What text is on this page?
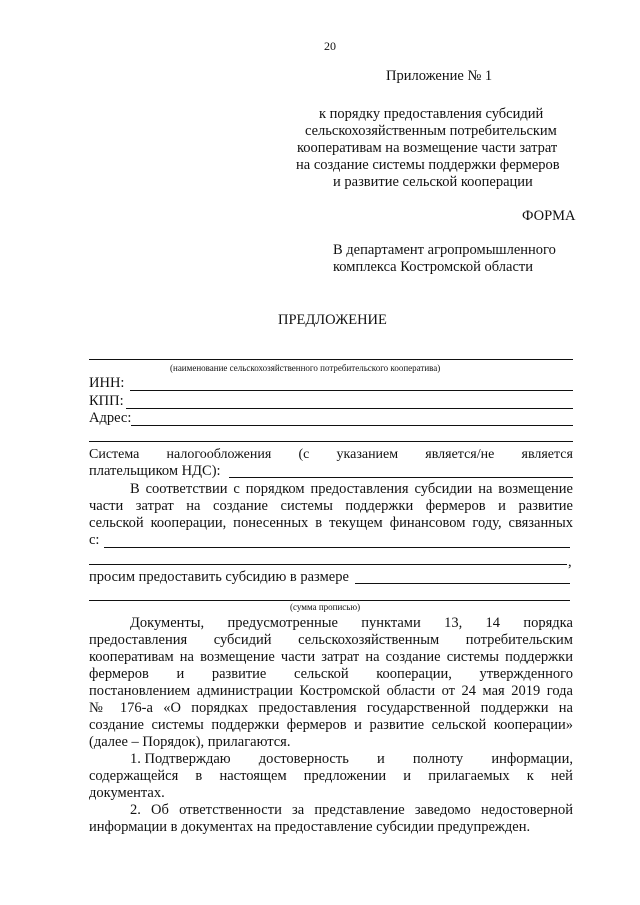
20
Приложение № 1
к порядку предоставления субсидий
сельскохозяйственным потребительским
кооперативам на возмещение части затрат
на создание системы поддержки фермеров
и развитие сельской кооперации
ФОРМА
В департамент агропромышленного
комплекса Костромской области
ПРЕДЛОЖЕНИЕ
(наименование сельскохозяйственного потребительского кооператива)
ИНН:
КПП:
Адрес:
Система налогообложения (с указанием является/не является
плательщиком НДС):
В соответствии с порядком предоставления субсидии на возмещение
части затрат на создание системы поддержки фермеров и развитие
сельской кооперации, понесенных в текущем финансовом году, связанных
с:
,
просим предоставить субсидию в размере
(сумма прописью)
Документы, предусмотренные пунктами 13, 14 порядка
предоставления субсидий сельскохозяйственным потребительским
кооперативам на возмещение части затрат на создание системы поддержки
фермеров и развитие сельской кооперации, утвержденного
постановлением администрации Костромской области от 24 мая 2019 года
№ 176-а «О порядках предоставления государственной поддержки на
создание системы поддержки фермеров и развитие сельской кооперации»
(далее – Порядок), прилагаются.
1. Подтверждаю достоверность и полноту информации,
содержащейся в настоящем предложении и прилагаемых к ней
документах.
2. Об ответственности за представление заведомо недостоверной
информации в документах на предоставление субсидии предупрежден.
